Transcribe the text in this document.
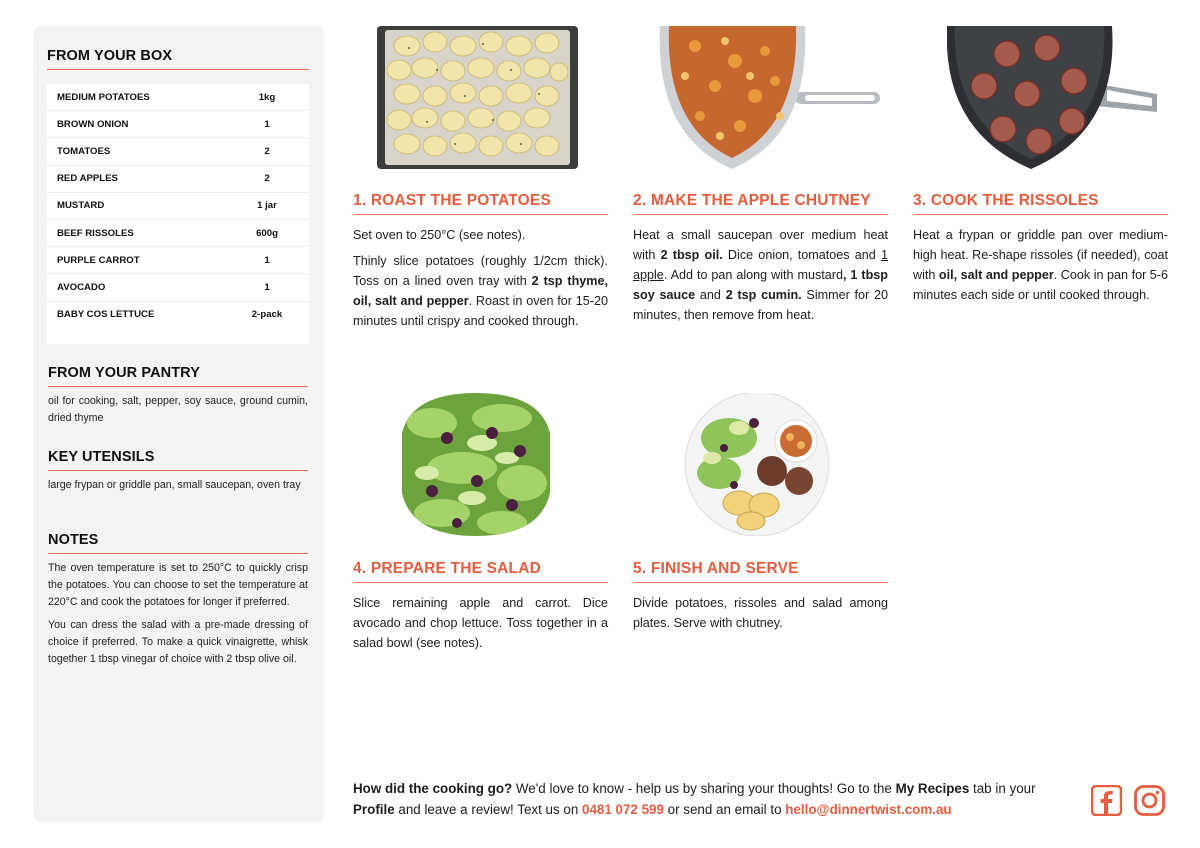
FROM YOUR BOX
MEDIUM POTATOES	1kg
BROWN ONION	1
TOMATOES	2
RED APPLES	2
MUSTARD	1 jar
BEEF RISSOLES	600g
PURPLE CARROT	1
AVOCADO	1
BABY COS LETTUCE	2-pack
FROM YOUR PANTRY

oil for cooking, salt, pepper, soy sauce, ground cumin, dried thyme

KEY UTENSILS

large frypan or griddle pan, small saucepan, oven tray

NOTES

The oven temperature is set to 250°C to quickly crisp the potatoes. You can choose to set the temperature at 220°C and cook the potatoes for longer if preferred.

You can dress the salad with a pre-made dressing of choice if preferred. To make a quick vinaigrette, whisk together 1 tbsp vinegar of choice with 2 tbsp olive oil.

1. ROAST THE POTATOES

Set oven to 250°C (see notes).

Thinly slice potatoes (roughly 1/2cm thick). Toss on a lined oven tray with 2 tsp thyme, oil, salt and pepper. Roast in oven for 15-20 minutes until crispy and cooked through.

2. MAKE THE APPLE CHUTNEY

Heat a small saucepan over medium heat with 2 tbsp oil. Dice onion, tomatoes and 1 apple. Add to pan along with mustard, 1 tbsp soy sauce and 2 tsp cumin. Simmer for 20 minutes, then remove from heat.

3. COOK THE RISSOLES

Heat a frypan or griddle pan over medium-high heat. Re-shape rissoles (if needed), coat with oil, salt and pepper. Cook in pan for 5-6 minutes each side or until cooked through.

4. PREPARE THE SALAD

Slice remaining apple and carrot. Dice avocado and chop lettuce. Toss together in a salad bowl (see notes).

5. FINISH AND SERVE

Divide potatoes, rissoles and salad among plates. Serve with chutney.

How did the cooking go? We'd love to know - help us by sharing your thoughts! Go to the My Recipes tab in your Profile and leave a review! Text us on 0481 072 599 or send an email to hello@dinnertwist.com.au
